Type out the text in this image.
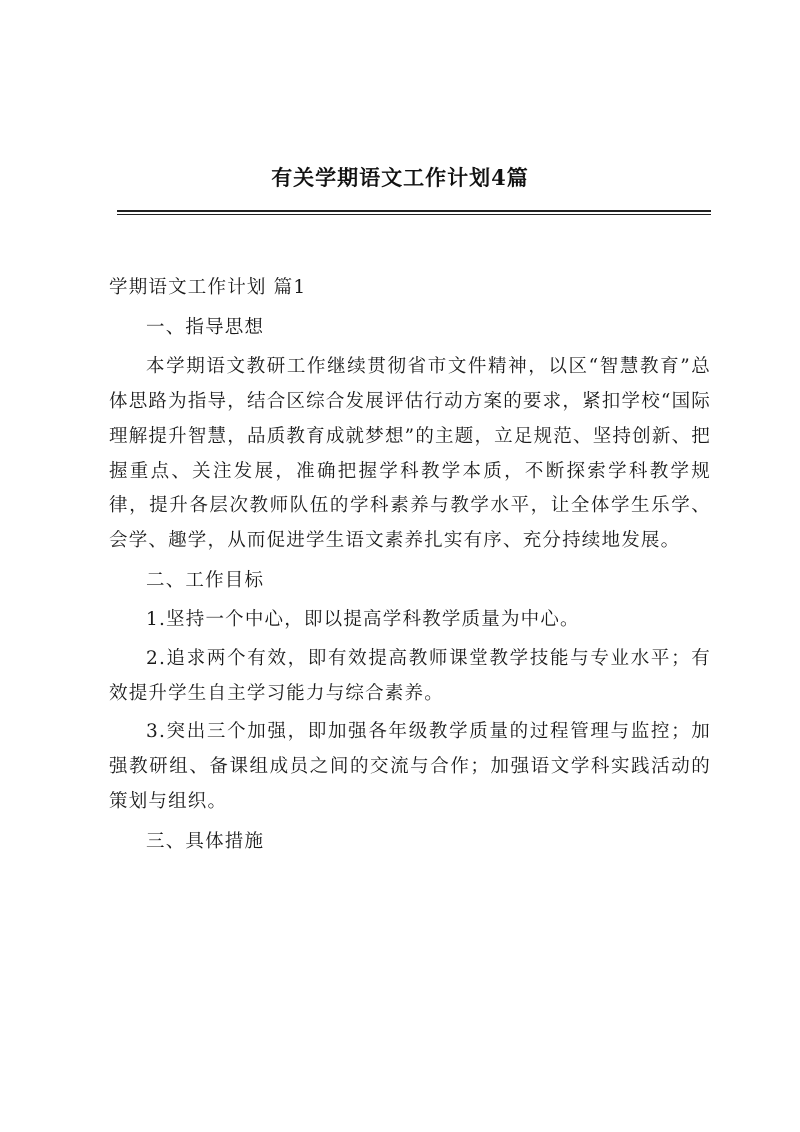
有关学期语文工作计划4篇

学期语文工作计划 篇1

一、指导思想

本学期语文教研工作继续贯彻省市文件精神，以区“智慧教育”总体思路为指导，结合区综合发展评估行动方案的要求，紧扣学校“国际理解提升智慧，品质教育成就梦想”的主题，立足规范、坚持创新、把握重点、关注发展，准确把握学科教学本质，不断探索学科教学规律，提升各层次教师队伍的学科素养与教学水平，让全体学生乐学、会学、趣学，从而促进学生语文素养扎实有序、充分持续地发展。

二、工作目标

1.坚持一个中心，即以提高学科教学质量为中心。

2.追求两个有效，即有效提高教师课堂教学技能与专业水平；有效提升学生自主学习能力与综合素养。

3.突出三个加强，即加强各年级教学质量的过程管理与监控；加强教研组、备课组成员之间的交流与合作；加强语文学科实践活动的策划与组织。

三、具体措施
